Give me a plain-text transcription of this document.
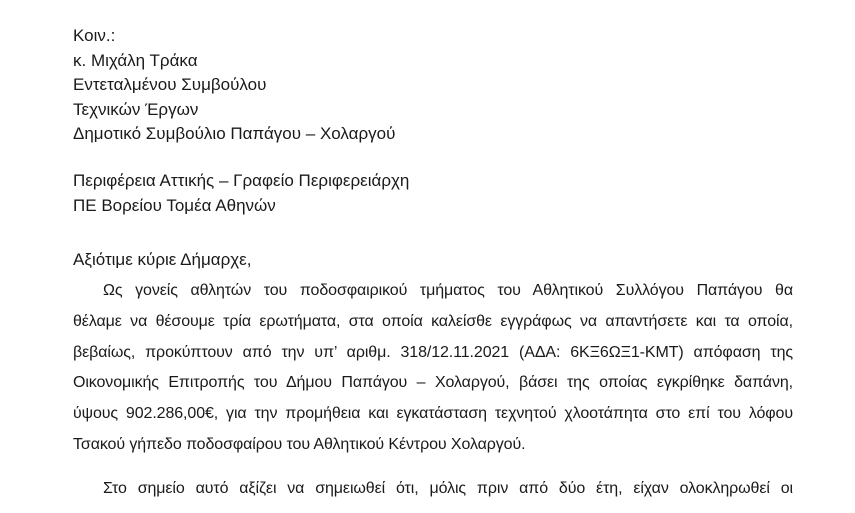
Κοιν.:
κ. Μιχάλη Τράκα
Εντεταλμένου Συμβούλου
Τεχνικών Έργων
Δημοτικό Συμβούλιο Παπάγου – Χολαργού
Περιφέρεια Αττικής – Γραφείο Περιφερειάρχη
ΠΕ Βορείου Τομέα Αθηνών
Αξιότιμε κύριε Δήμαρχε,
Ως γονείς αθλητών του ποδοσφαιρικού τμήματος του Αθλητικού Συλλόγου Παπάγου θα
θέλαμε να θέσουμε τρία ερωτήματα, στα οποία καλείσθε εγγράφως να απαντήσετε και τα οποία,
βεβαίως, προκύπτουν από την υπ’ αριθμ. 318/12.11.2021 (ΑΔΑ: 6ΚΞ6ΩΞ1-ΚΜΤ) απόφαση της
Οικονομικής Επιτροπής του Δήμου Παπάγου – Χολαργού, βάσει της οποίας εγκρίθηκε δαπάνη,
ύψους 902.286,00€, για την προμήθεια και εγκατάσταση τεχνητού χλοοτάπητα στο επί του λόφου
Τσακού γήπεδο ποδοσφαίρου του Αθλητικού Κέντρου Χολαργού.
Στο σημείο αυτό αξίζει να σημειωθεί ότι, μόλις πριν από δύο έτη, είχαν ολοκληρωθεί οι
